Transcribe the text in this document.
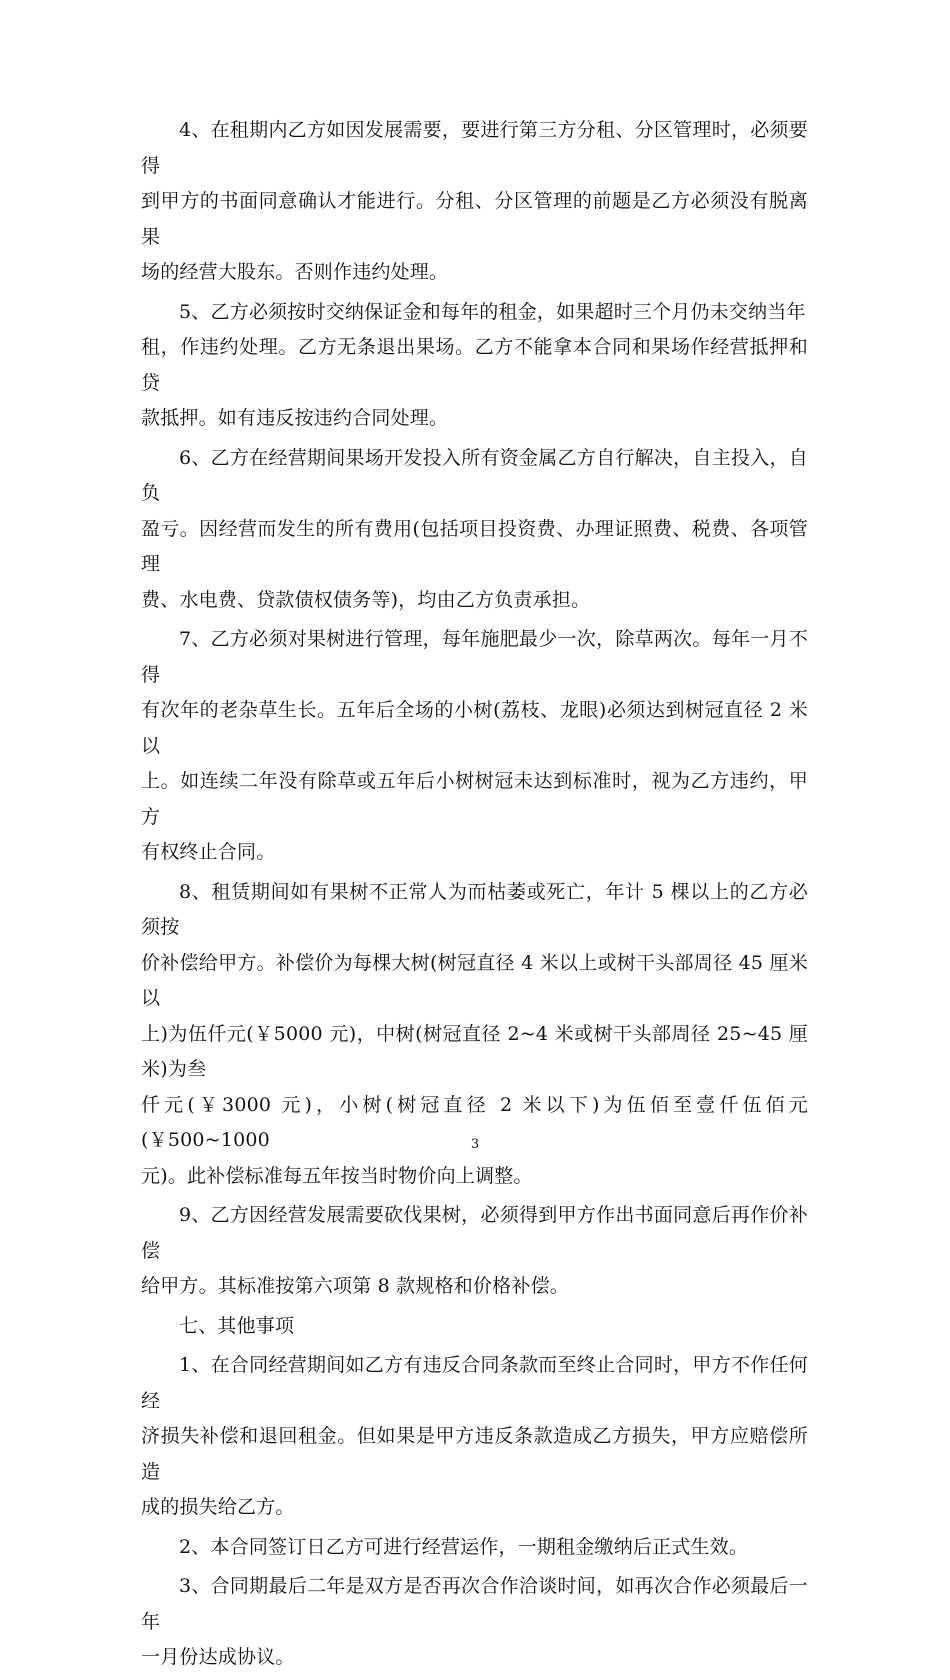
4、在租期内乙方如因发展需要，要进行第三方分租、分区管理时，必须要得
到甲方的书面同意确认才能进行。分租、分区管理的前题是乙方必须没有脱离果
场的经营大股东。否则作违约处理。

5、乙方必须按时交纳保证金和每年的租金，如果超时三个月仍未交纳当年
租，作违约处理。乙方无条退出果场。乙方不能拿本合同和果场作经营抵押和贷
款抵押。如有违反按违约合同处理。

6、乙方在经营期间果场开发投入所有资金属乙方自行解决，自主投入，自负
盈亏。因经营而发生的所有费用(包括项目投资费、办理证照费、税费、各项管理
费、水电费、贷款债权债务等)，均由乙方负责承担。

7、乙方必须对果树进行管理，每年施肥最少一次，除草两次。每年一月不得
有次年的老杂草生长。五年后全场的小树(荔枝、龙眼)必须达到树冠直径 2 米以
上。如连续二年没有除草或五年后小树树冠未达到标准时，视为乙方违约，甲方
有权终止合同。

8、租赁期间如有果树不正常人为而枯萎或死亡，年计 5 棵以上的乙方必须按
价补偿给甲方。补偿价为每棵大树(树冠直径 4 米以上或树干头部周径 45 厘米以
上)为伍仟元(￥5000 元)，中树(树冠直径 2~4 米或树干头部周径 25~45 厘米)为叁
仟元(￥3000 元)，小树(树冠直径 2 米以下)为伍佰至壹仟伍佰元(￥500~1000
元)。此补偿标准每五年按当时物价向上调整。

9、乙方因经营发展需要砍伐果树，必须得到甲方作出书面同意后再作价补偿
给甲方。其标准按第六项第 8 款规格和价格补偿。

七、其他事项

1、在合同经营期间如乙方有违反合同条款而至终止合同时，甲方不作任何经
济损失补偿和退回租金。但如果是甲方违反条款造成乙方损失，甲方应赔偿所造
成的损失给乙方。

2、本合同签订日乙方可进行经营运作，一期租金缴纳后正式生效。

3、合同期最后二年是双方是否再次合作洽谈时间，如再次合作必须最后一年
一月份达成协议。

3
